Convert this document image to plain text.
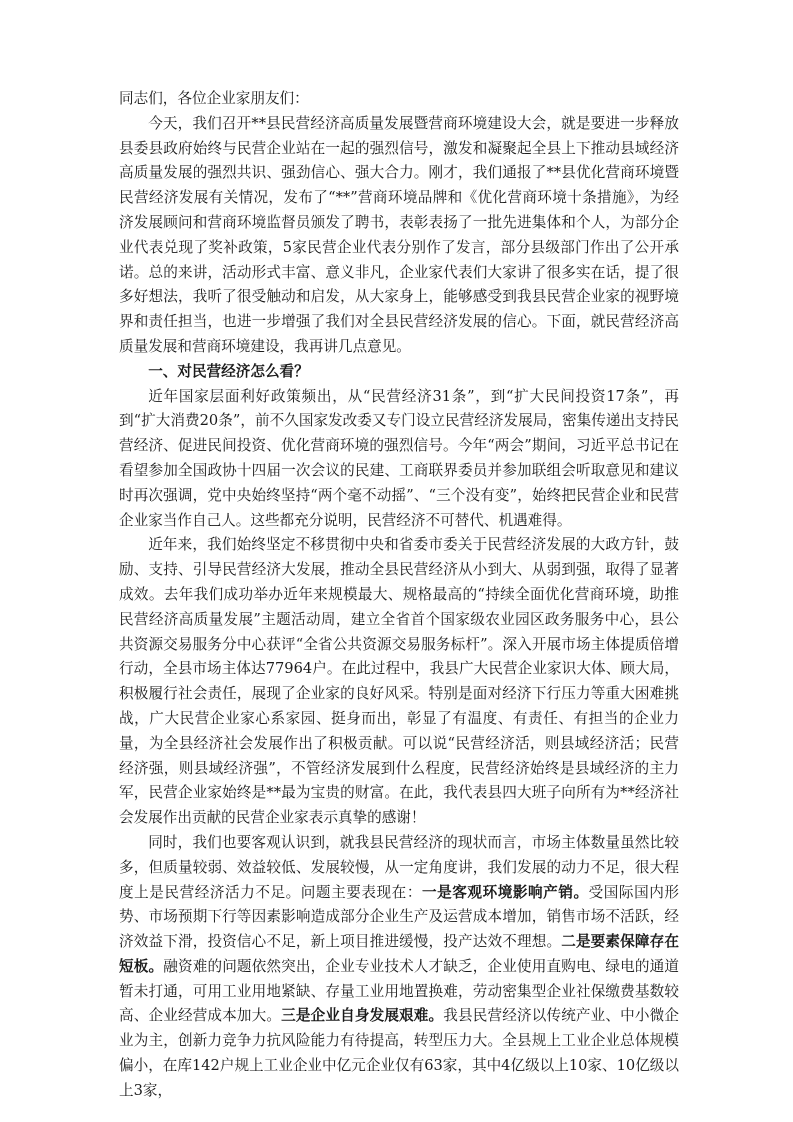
同志们，各位企业家朋友们：

今天，我们召开**县民营经济高质量发展暨营商环境建设大会，就是要进一步释放县委县政府始终与民营企业站在一起的强烈信号，激发和凝聚起全县上下推动县域经济高质量发展的强烈共识、强劲信心、强大合力。刚才，我们通报了**县优化营商环境暨民营经济发展有关情况，发布了“**”营商环境品牌和《优化营商环境十条措施》，为经济发展顾问和营商环境监督员颁发了聘书，表彰表扬了一批先进集体和个人，为部分企业代表兑现了奖补政策，5家民营企业代表分别作了发言，部分县级部门作出了公开承诺。总的来讲，活动形式丰富、意义非凡，企业家代表们大家讲了很多实在话，提了很多好想法，我听了很受触动和启发，从大家身上，能够感受到我县民营企业家的视野境界和责任担当，也进一步增强了我们对全县民营经济发展的信心。下面，就民营经济高质量发展和营商环境建设，我再讲几点意见。

一、对民营经济怎么看？

近年国家层面利好政策频出，从“民营经济31条”，到“扩大民间投资17条”，再到“扩大消费20条”，前不久国家发改委又专门设立民营经济发展局，密集传递出支持民营经济、促进民间投资、优化营商环境的强烈信号。今年“两会”期间，习近平总书记在看望参加全国政协十四届一次会议的民建、工商联界委员并参加联组会听取意见和建议时再次强调，党中央始终坚持“两个毫不动摇”、“三个没有变”，始终把民营企业和民营企业家当作自己人。这些都充分说明，民营经济不可替代、机遇难得。

近年来，我们始终坚定不移贯彻中央和省委市委关于民营经济发展的大政方针，鼓励、支持、引导民营经济大发展，推动全县民营经济从小到大、从弱到强，取得了显著成效。去年我们成功举办近年来规模最大、规格最高的“持续全面优化营商环境，助推民营经济高质量发展”主题活动周，建立全省首个国家级农业园区政务服务中心，县公共资源交易服务分中心获评“全省公共资源交易服务标杆”。深入开展市场主体提质倍增行动，全县市场主体达77964户。在此过程中，我县广大民营企业家识大体、顾大局，积极履行社会责任，展现了企业家的良好风采。特别是面对经济下行压力等重大困难挑战，广大民营企业家心系家园、挺身而出，彰显了有温度、有责任、有担当的企业力量，为全县经济社会发展作出了积极贡献。可以说“民营经济活，则县域经济活；民营经济强，则县域经济强”，不管经济发展到什么程度，民营经济始终是县域经济的主力军，民营企业家始终是**最为宝贵的财富。在此，我代表县四大班子向所有为**经济社会发展作出贡献的民营企业家表示真挚的感谢！

同时，我们也要客观认识到，就我县民营经济的现状而言，市场主体数量虽然比较多，但质量较弱、效益较低、发展较慢，从一定角度讲，我们发展的动力不足，很大程度上是民营经济活力不足。问题主要表现在：一是客观环境影响产销。受国际国内形势、市场预期下行等因素影响造成部分企业生产及运营成本增加，销售市场不活跃，经济效益下滑，投资信心不足，新上项目推进缓慢，投产达效不理想。二是要素保障存在短板。融资难的问题依然突出，企业专业技术人才缺乏，企业使用直购电、绿电的通道暂未打通，可用工业用地紧缺、存量工业用地置换难，劳动密集型企业社保缴费基数较高、企业经营成本加大。三是企业自身发展艰难。我县民营经济以传统产业、中小微企业为主，创新力竞争力抗风险能力有待提高，转型压力大。全县规上工业企业总体规模偏小，在库142户规上工业企业中亿元企业仅有63家，其中4亿级以上10家、10亿级以上3家，
